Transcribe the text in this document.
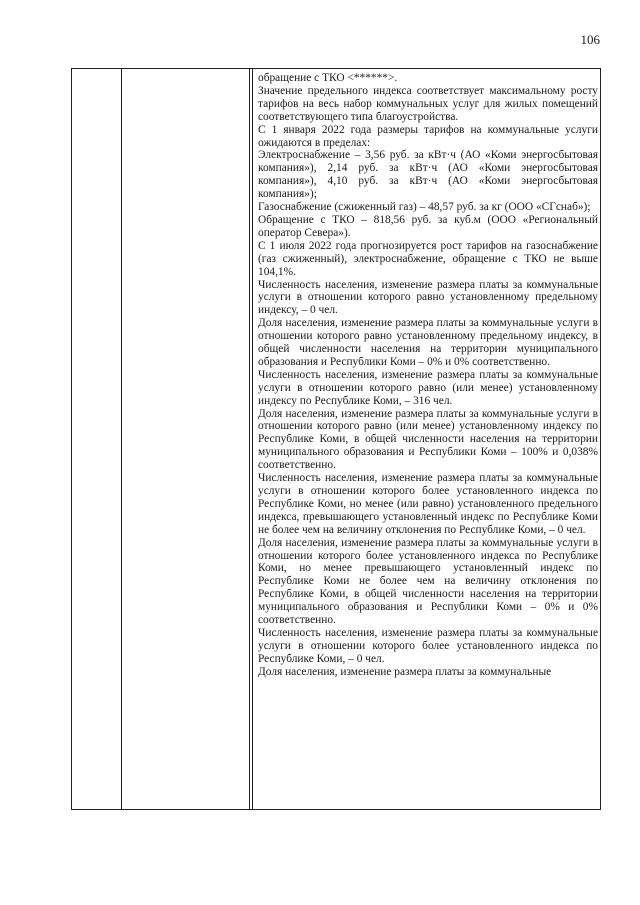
106

обращение с ТКО <******>.

Значение предельного индекса соответствует максимальному росту тарифов на весь набор коммунальных услуг для жилых помещений соответствующего типа благоустройства.

С 1 января 2022 года размеры тарифов на коммунальные услуги ожидаются в пределах:

Электроснабжение – 3,56 руб. за кВт·ч (АО «Коми энергосбытовая компания»), 2,14 руб. за кВт·ч (АО «Коми энергосбытовая компания»), 4,10 руб. за кВт·ч (АО «Коми энергосбытовая компания»);

Газоснабжение (сжиженный газ) – 48,57 руб. за кг (ООО «СГснаб»);

Обращение с ТКО – 818,56 руб. за куб.м (ООО «Региональный оператор Севера»).

С 1 июля 2022 года прогнозируется рост тарифов на газоснабжение (газ сжиженный), электроснабжение, обращение с ТКО не выше 104,1%.

Численность населения, изменение размера платы за коммунальные услуги в отношении которого равно установленному предельному индексу, – 0 чел.

Доля населения, изменение размера платы за коммунальные услуги в отношении которого равно установленному предельному индексу, в общей численности населения на территории муниципального образования и Республики Коми – 0% и 0% соответственно.

Численность населения, изменение размера платы за коммунальные услуги в отношении которого равно (или менее) установленному индексу по Республике Коми, – 316 чел.

Доля населения, изменение размера платы за коммунальные услуги в отношении которого равно (или менее) установленному индексу по Республике Коми, в общей численности населения на территории муниципального образования и Республики Коми – 100% и 0,038% соответственно.

Численность населения, изменение размера платы за коммунальные услуги в отношении которого более установленного индекса по Республике Коми, но менее (или равно) установленного предельного индекса, превышающего установленный индекс по Республике Коми не более чем на величину отклонения по Республике Коми, – 0 чел.

Доля населения, изменение размера платы за коммунальные услуги в отношении которого более установленного индекса по Республике Коми, но менее превышающего установленный индекс по Республике Коми не более чем на величину отклонения по Республике Коми, в общей численности населения на территории муниципального образования и Республики Коми – 0% и 0% соответственно.

Численность населения, изменение размера платы за коммунальные услуги в отношении которого более установленного индекса по Республике Коми, – 0 чел.

Доля населения, изменение размера платы за коммунальные
